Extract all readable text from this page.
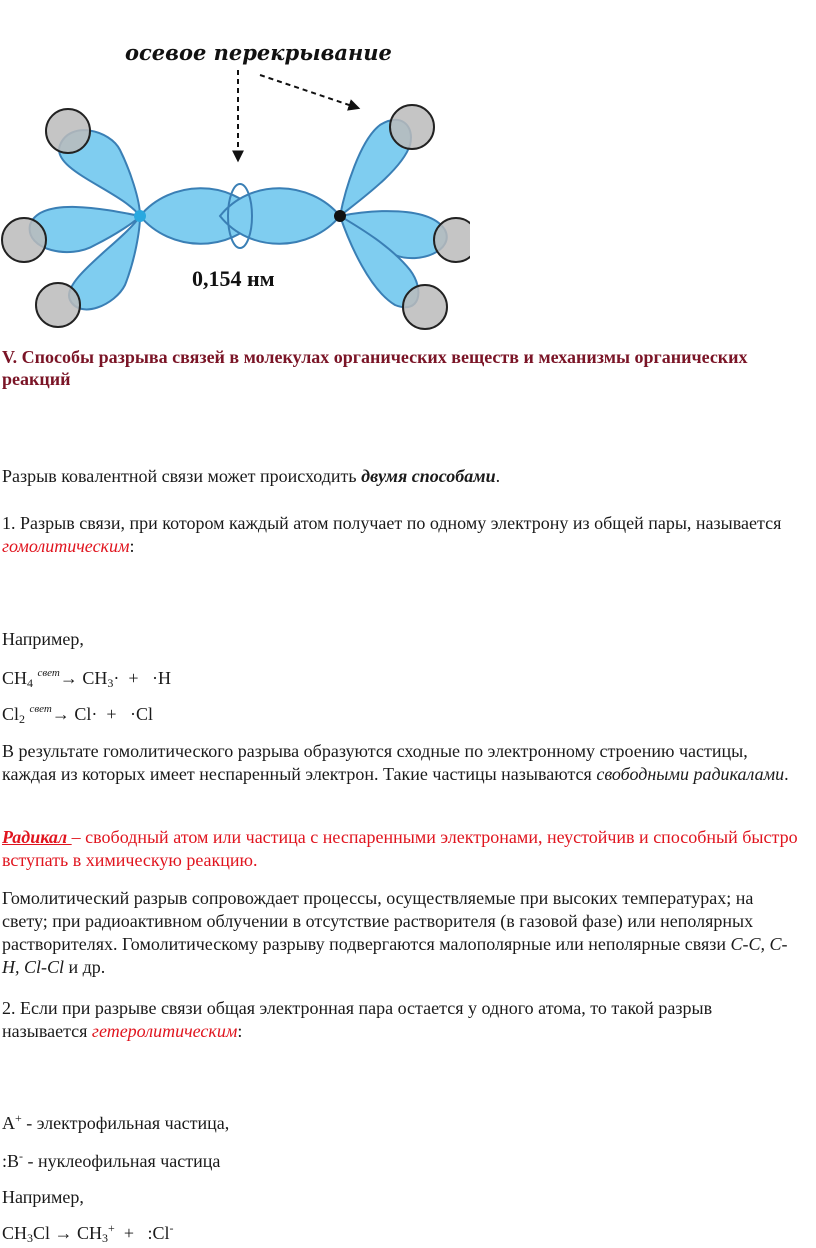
осевое перекрывание
0,154 нм
V. Способы разрыва связей в молекулах органических веществ и механизмы органических реакций
Разрыв ковалентной связи может происходить двумя способами.
1. Разрыв связи, при котором каждый атом получает по одному электрону из общей пары, называется гомолитическим:
Например,
$CH_4$ $^{свет}\to CH_3\cdot + \cdot H$
$Cl_2$ $^{свет}$→ Cl·  +   ·Cl
В результате гомолитического разрыва образуются сходные по электронному строению частицы, каждая из которых имеет неспаренный электрон. Такие частицы называются свободными радикалами.
Радикал – свободный атом или частица с неспаренными электронами, неустойчив и способный быстро вступать в химическую реакцию.
Гомолитический разрыв сопровождает процессы, осуществляемые при высоких температурах; на свету; при радиоактивном облучении в отсутствие растворителя (в газовой фазе) или неполярных растворителях. Гомолитическому разрыву подвергаются малополярные или неполярные связи С-С, С-Н, Cl-Cl и др.
2. Если при разрыве связи общая электронная пара остается у одного атома, то такой разрыв называется гетеролитическим:
A+ - электрофильная частица,
:B- - нуклеофильная частица
Например,
$CH_3Cl \to CH_3^+$  +   :Cl-
